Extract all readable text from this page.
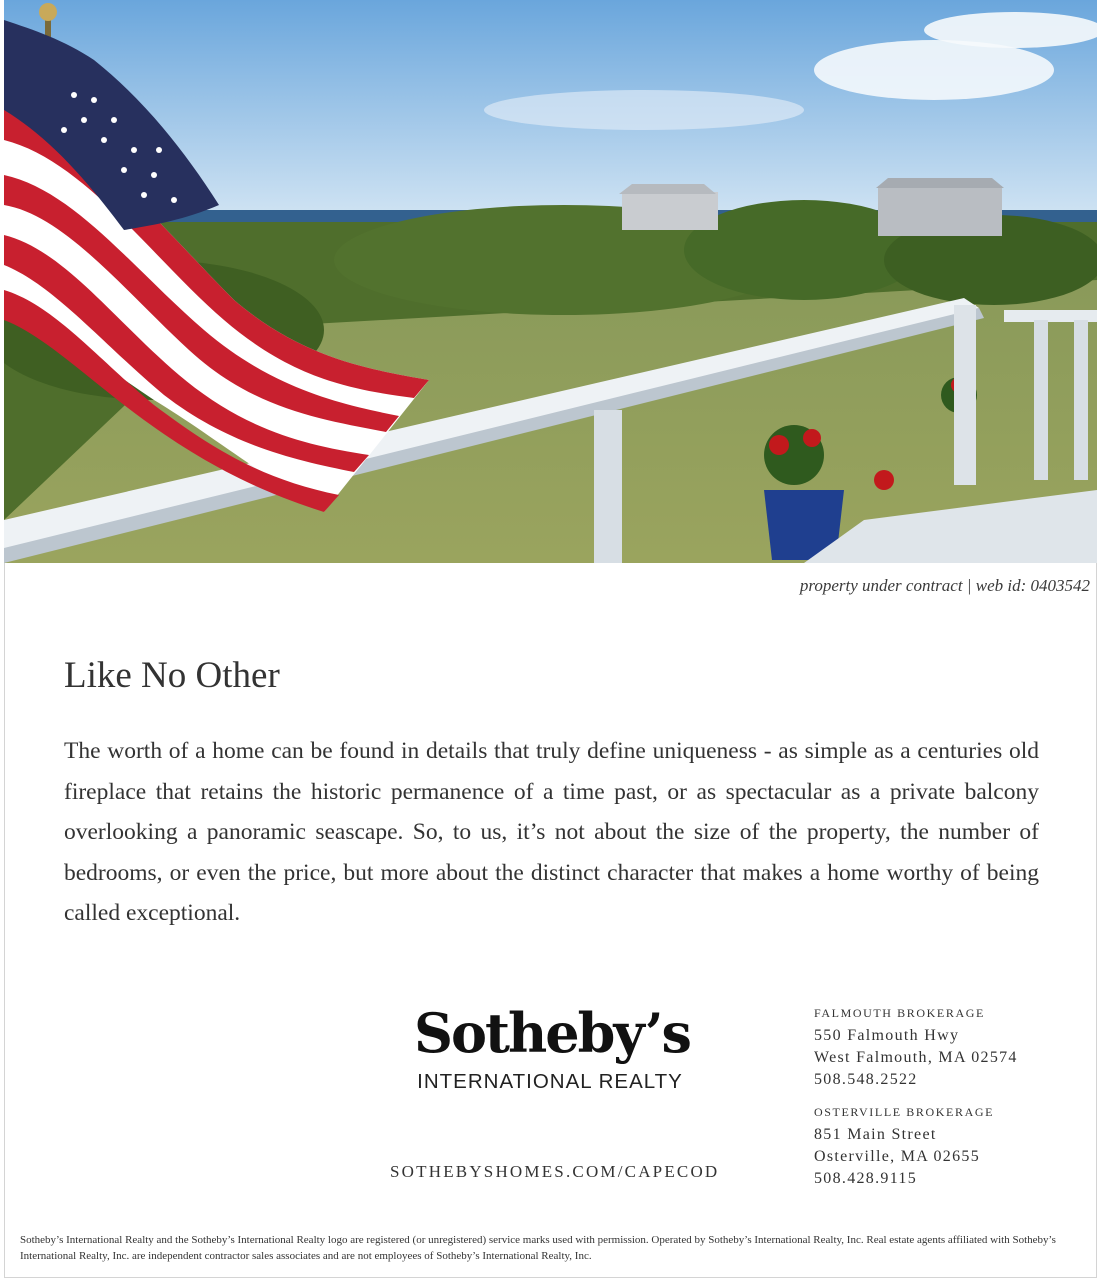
property under contract | web id: 0403542
Like No Other

The worth of a home can be found in details that truly define uniqueness - as simple as a centuries old fireplace that retains the historic permanence of a time past, or as spectacular as a private balcony overlooking a panoramic seascape. So, to us, it’s not about the size of the property, the number of bedrooms, or even the price, but more about the distinct character that makes a home worthy of being called exceptional.

Sotheby’s
INTERNATIONAL REALTY
SOTHEBYSHOMES.COM/CAPECOD
FALMOUTH BROKERAGE
550 Falmouth Hwy
West Falmouth, MA 02574
508.548.2522
OSTERVILLE BROKERAGE
851 Main Street
Osterville, MA 02655
508.428.9115

Sotheby’s International Realty and the Sotheby’s International Realty logo are registered (or unregistered) service marks used with permission. Operated by Sotheby’s International Realty, Inc. Real estate agents affiliated with Sotheby’s International Realty, Inc. are independent contractor sales associates and are not employees of Sotheby’s International Realty, Inc.
